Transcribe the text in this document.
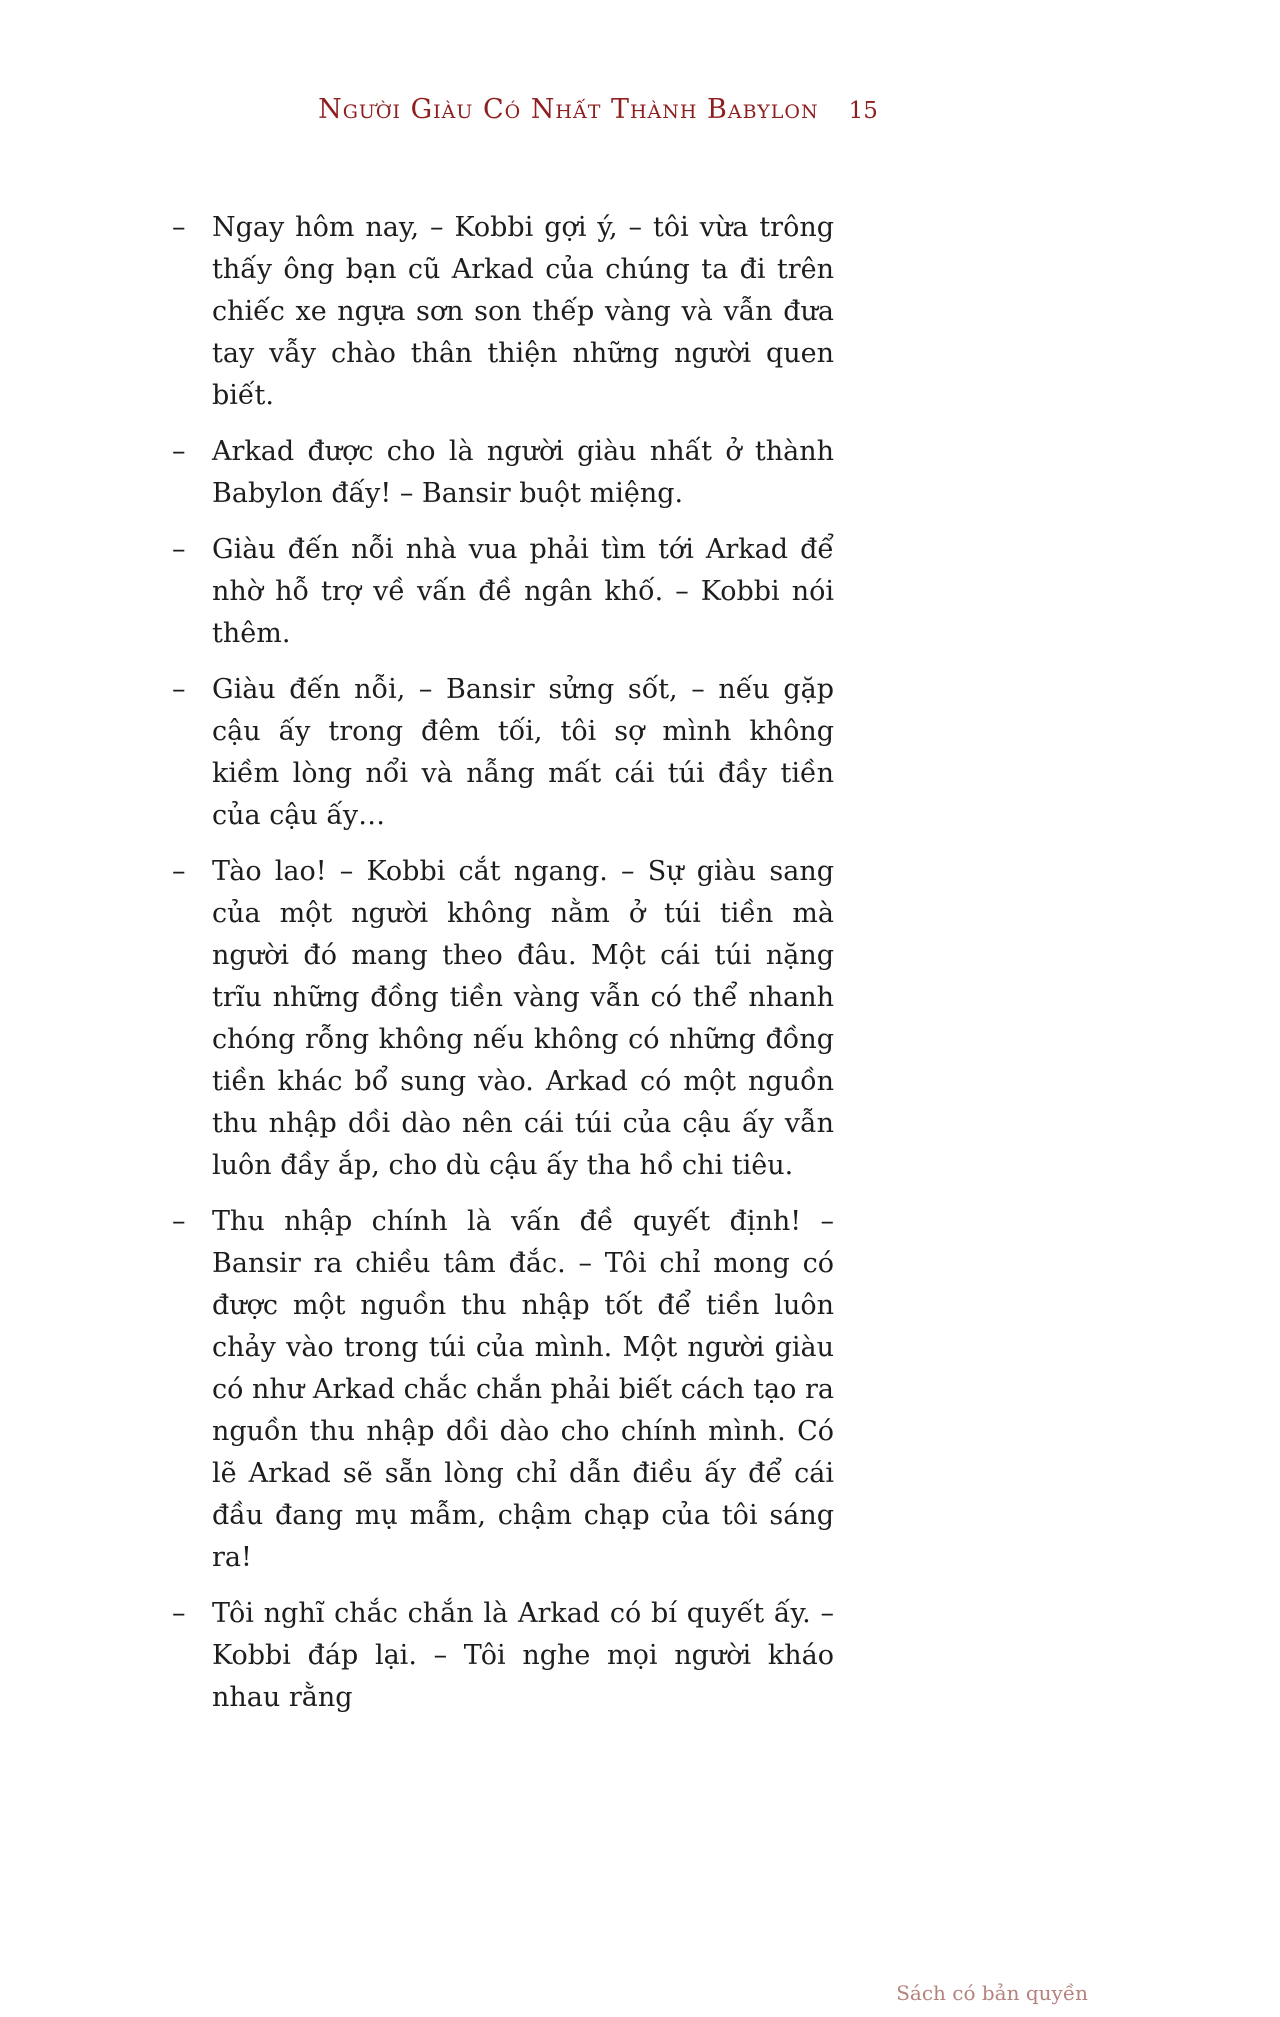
Người Giàu Có Nhất Thành Babylon 15
– Ngay hôm nay, – Kobbi gợi ý, – tôi vừa trông thấy ông bạn cũ Arkad của chúng ta đi trên chiếc xe ngựa sơn son thếp vàng và vẫn đưa tay vẫy chào thân thiện những người quen biết.
– Arkad được cho là người giàu nhất ở thành Babylon đấy! – Bansir buột miệng.
– Giàu đến nỗi nhà vua phải tìm tới Arkad để nhờ hỗ trợ về vấn đề ngân khố. – Kobbi nói thêm.
– Giàu đến nỗi, – Bansir sửng sốt, – nếu gặp cậu ấy trong đêm tối, tôi sợ mình không kiềm lòng nổi và nẫng mất cái túi đầy tiền của cậu ấy…
– Tào lao! – Kobbi cắt ngang. – Sự giàu sang của một người không nằm ở túi tiền mà người đó mang theo đâu. Một cái túi nặng trĩu những đồng tiền vàng vẫn có thể nhanh chóng rỗng không nếu không có những đồng tiền khác bổ sung vào. Arkad có một nguồn thu nhập dồi dào nên cái túi của cậu ấy vẫn luôn đầy ắp, cho dù cậu ấy tha hồ chi tiêu.
– Thu nhập chính là vấn đề quyết định! – Bansir ra chiều tâm đắc. – Tôi chỉ mong có được một nguồn thu nhập tốt để tiền luôn chảy vào trong túi của mình. Một người giàu có như Arkad chắc chắn phải biết cách tạo ra nguồn thu nhập dồi dào cho chính mình. Có lẽ Arkad sẽ sẵn lòng chỉ dẫn điều ấy để cái đầu đang mụ mẫm, chậm chạp của tôi sáng ra!
– Tôi nghĩ chắc chắn là Arkad có bí quyết ấy. – Kobbi đáp lại. – Tôi nghe mọi người kháo nhau rằng
Sách có bản quyền
